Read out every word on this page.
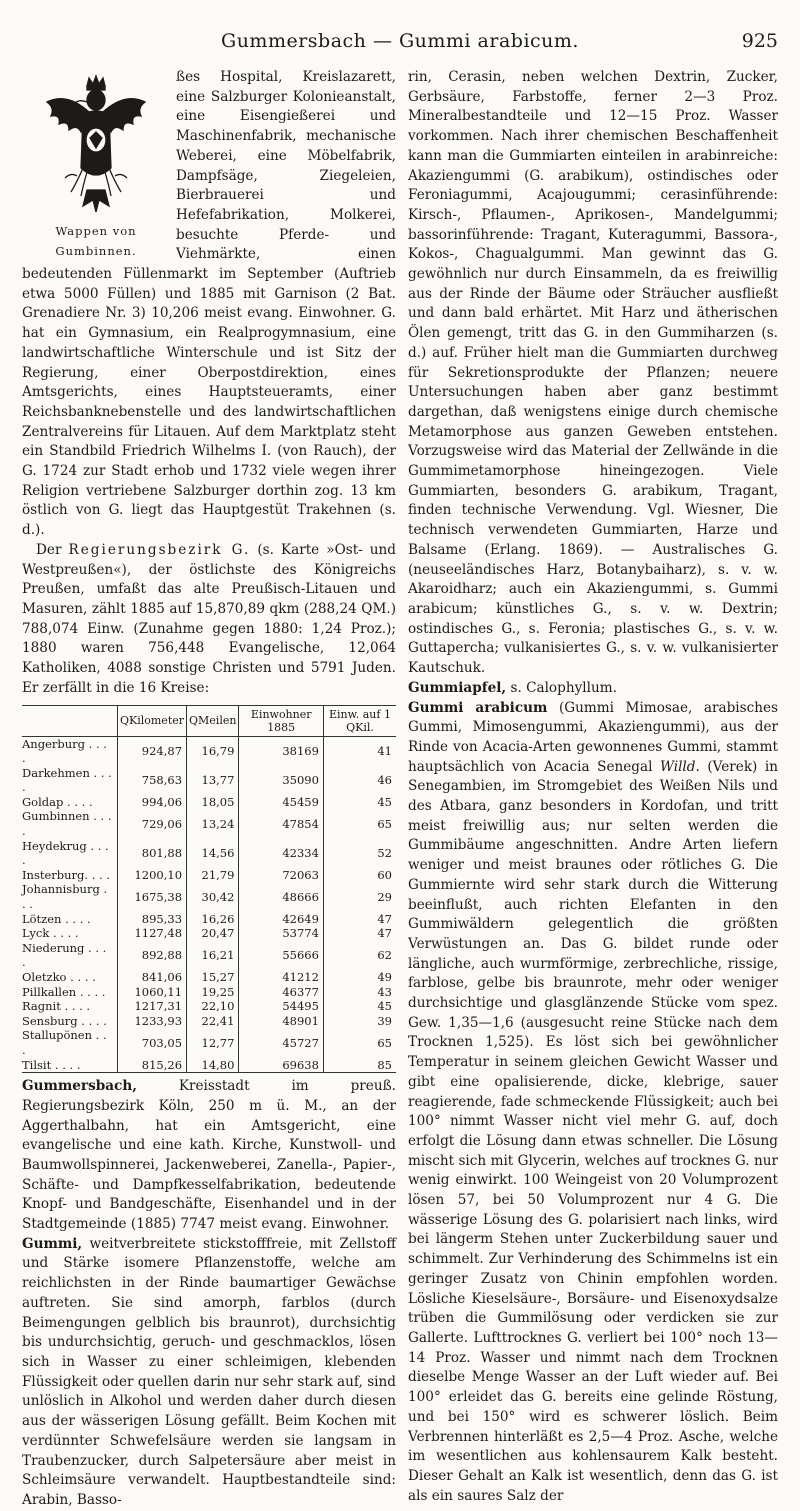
Gummersbach — Gummi arabicum.	925

Wappen von Gumbinnen.
ßes Hospital, Kreislazarett, eine Salzburger Kolonieanstalt, eine Eisengießerei und Maschinenfabrik, mechanische Weberei, eine Möbelfabrik, Dampfsäge, Ziegeleien, Bierbrauerei und Hefefabrikation, Molkerei, besuchte Pferde- und Viehmärkte, einen bedeutenden Füllenmarkt im September (Auftrieb etwa 5000 Füllen) und 1885 mit Garnison (2 Bat. Grenadiere Nr. 3) 10,206 meist evang. Einwohner. G. hat ein Gymnasium, ein Realprogymnasium, eine landwirtschaftliche Winterschule und ist Sitz der Regierung, einer Oberpostdirektion, eines Amtsgerichts, eines Hauptsteueramts, einer Reichsbanknebenstelle und des landwirtschaftlichen Zentralvereins für Litauen. Auf dem Marktplatz steht ein Standbild Friedrich Wilhelms I. (von Rauch), der G. 1724 zur Stadt erhob und 1732 viele wegen ihrer Religion vertriebene Salzburger dorthin zog. 13 km östlich von G. liegt das Hauptgestüt Trakehnen (s. d.).

Der Regierungsbezirk G. (s. Karte »Ost- und Westpreußen«), der östlichste des Königreichs Preußen, umfaßt das alte Preußisch-Litauen und Masuren, zählt 1885 auf 15,870,89 qkm (288,24 QM.) 788,074 Einw. (Zunahme gegen 1880: 1,24 Proz.); 1880 waren 756,448 Evangelische, 12,064 Katholiken, 4088 sonstige Christen und 5791 Juden. Er zerfällt in die 16 Kreise:

	QKilometer	QMeilen	Einwohner 1885	Einw. auf 1 QKil.
Angerburg . . . .	924,87	16,79	38169	41
Darkehmen . . . .	758,63	13,77	35090	46
Goldap . . . .	994,06	18,05	45459	45
Gumbinnen . . . .	729,06	13,24	47854	65
Heydekrug . . . .	801,88	14,56	42334	52
Insterburg. . . .	1200,10	21,79	72063	60
Johannisburg . . .	1675,38	30,42	48666	29
Lötzen . . . .	895,33	16,26	42649	47
Lyck . . . .	1127,48	20,47	53774	47
Niederung . . . .	892,88	16,21	55666	62
Oletzko . . . .	841,06	15,27	41212	49
Pillkallen . . . .	1060,11	19,25	46377	43
Ragnit . . . .	1217,31	22,10	54495	45
Sensburg . . . .	1233,93	22,41	48901	39
Stallupönen . . .	703,05	12,77	45727	65
Tilsit . . . .	815,26	14,80	69638	85

Gummersbach, Kreisstadt im preuß. Regierungsbezirk Köln, 250 m ü. M., an der Aggerthalbahn, hat ein Amtsgericht, eine evangelische und eine kath. Kirche, Kunstwoll- und Baumwollspinnerei, Jackenweberei, Zanella-, Papier-, Schäfte- und Dampfkesselfabrikation, bedeutende Knopf- und Bandgeschäfte, Eisenhandel und in der Stadtgemeinde (1885) 7747 meist evang. Einwohner.

Gummi, weitverbreitete stickstofffreie, mit Zellstoff und Stärke isomere Pflanzenstoffe, welche am reichlichsten in der Rinde baumartiger Gewächse auftreten. Sie sind amorph, farblos (durch Beimengungen gelblich bis braunrot), durchsichtig bis undurchsichtig, geruch- und geschmacklos, lösen sich in Wasser zu einer schleimigen, klebenden Flüssigkeit oder quellen darin nur sehr stark auf, sind unlöslich in Alkohol und werden daher durch diesen aus der wässerigen Lösung gefällt. Beim Kochen mit verdünnter Schwefelsäure werden sie langsam in Traubenzucker, durch Salpetersäure aber meist in Schleimsäure verwandelt. Hauptbestandteile sind: Arabin, Basso-

rin, Cerasin, neben welchen Dextrin, Zucker, Gerbsäure, Farbstoffe, ferner 2—3 Proz. Mineralbestandteile und 12—15 Proz. Wasser vorkommen. Nach ihrer chemischen Beschaffenheit kann man die Gummiarten einteilen in arabinreiche: Akaziengummi (G. arabikum), ostindisches oder Feroniagummi, Acajougummi; cerasinführende: Kirsch-, Pflaumen-, Aprikosen-, Mandelgummi; bassorinführende: Tragant, Kuteragummi, Bassora-, Kokos-, Chagualgummi. Man gewinnt das G. gewöhnlich nur durch Einsammeln, da es freiwillig aus der Rinde der Bäume oder Sträucher ausfließt und dann bald erhärtet. Mit Harz und ätherischen Ölen gemengt, tritt das G. in den Gummiharzen (s. d.) auf. Früher hielt man die Gummiarten durchweg für Sekretionsprodukte der Pflanzen; neuere Untersuchungen haben aber ganz bestimmt dargethan, daß wenigstens einige durch chemische Metamorphose aus ganzen Geweben entstehen. Vorzugsweise wird das Material der Zellwände in die Gummimetamorphose hineingezogen. Viele Gummiarten, besonders G. arabikum, Tragant, finden technische Verwendung. Vgl. Wiesner, Die technisch verwendeten Gummiarten, Harze und Balsame (Erlang. 1869). — Australisches G. (neuseeländisches Harz, Botanybaiharz), s. v. w. Akaroidharz; auch ein Akaziengummi, s. Gummi arabicum; künstliches G., s. v. w. Dextrin; ostindisches G., s. Feronia; plastisches G., s. v. w. Guttapercha; vulkanisiertes G., s. v. w. vulkanisierter Kautschuk.

Gummiapfel, s. Calophyllum.

Gummi arabicum (Gummi Mimosae, arabisches Gummi, Mimosengummi, Akaziengummi), aus der Rinde von Acacia-Arten gewonnenes Gummi, stammt hauptsächlich von Acacia Senegal Willd. (Verek) in Senegambien, im Stromgebiet des Weißen Nils und des Atbara, ganz besonders in Kordofan, und tritt meist freiwillig aus; nur selten werden die Gummibäume angeschnitten. Andre Arten liefern weniger und meist braunes oder rötliches G. Die Gummiernte wird sehr stark durch die Witterung beeinflußt, auch richten Elefanten in den Gummiwäldern gelegentlich die größten Verwüstungen an. Das G. bildet runde oder längliche, auch wurmförmige, zerbrechliche, rissige, farblose, gelbe bis braunrote, mehr oder weniger durchsichtige und glasglänzende Stücke vom spez. Gew. 1,35—1,6 (ausgesucht reine Stücke nach dem Trocknen 1,525). Es löst sich bei gewöhnlicher Temperatur in seinem gleichen Gewicht Wasser und gibt eine opalisierende, dicke, klebrige, sauer reagierende, fade schmeckende Flüssigkeit; auch bei 100° nimmt Wasser nicht viel mehr G. auf, doch erfolgt die Lösung dann etwas schneller. Die Lösung mischt sich mit Glycerin, welches auf trocknes G. nur wenig einwirkt. 100 Weingeist von 20 Volumprozent lösen 57, bei 50 Volumprozent nur 4 G. Die wässerige Lösung des G. polarisiert nach links, wird bei längerm Stehen unter Zuckerbildung sauer und schimmelt. Zur Verhinderung des Schimmelns ist ein geringer Zusatz von Chinin empfohlen worden. Lösliche Kieselsäure-, Borsäure- und Eisenoxydsalze trüben die Gummilösung oder verdicken sie zur Gallerte. Lufttrocknes G. verliert bei 100° noch 13—14 Proz. Wasser und nimmt nach dem Trocknen dieselbe Menge Wasser an der Luft wieder auf. Bei 100° erleidet das G. bereits eine gelinde Röstung, und bei 150° wird es schwerer löslich. Beim Verbrennen hinterläßt es 2,5—4 Proz. Asche, welche im wesentlichen aus kohlensaurem Kalk besteht. Dieser Gehalt an Kalk ist wesentlich, denn das G. ist als ein saures Salz der
